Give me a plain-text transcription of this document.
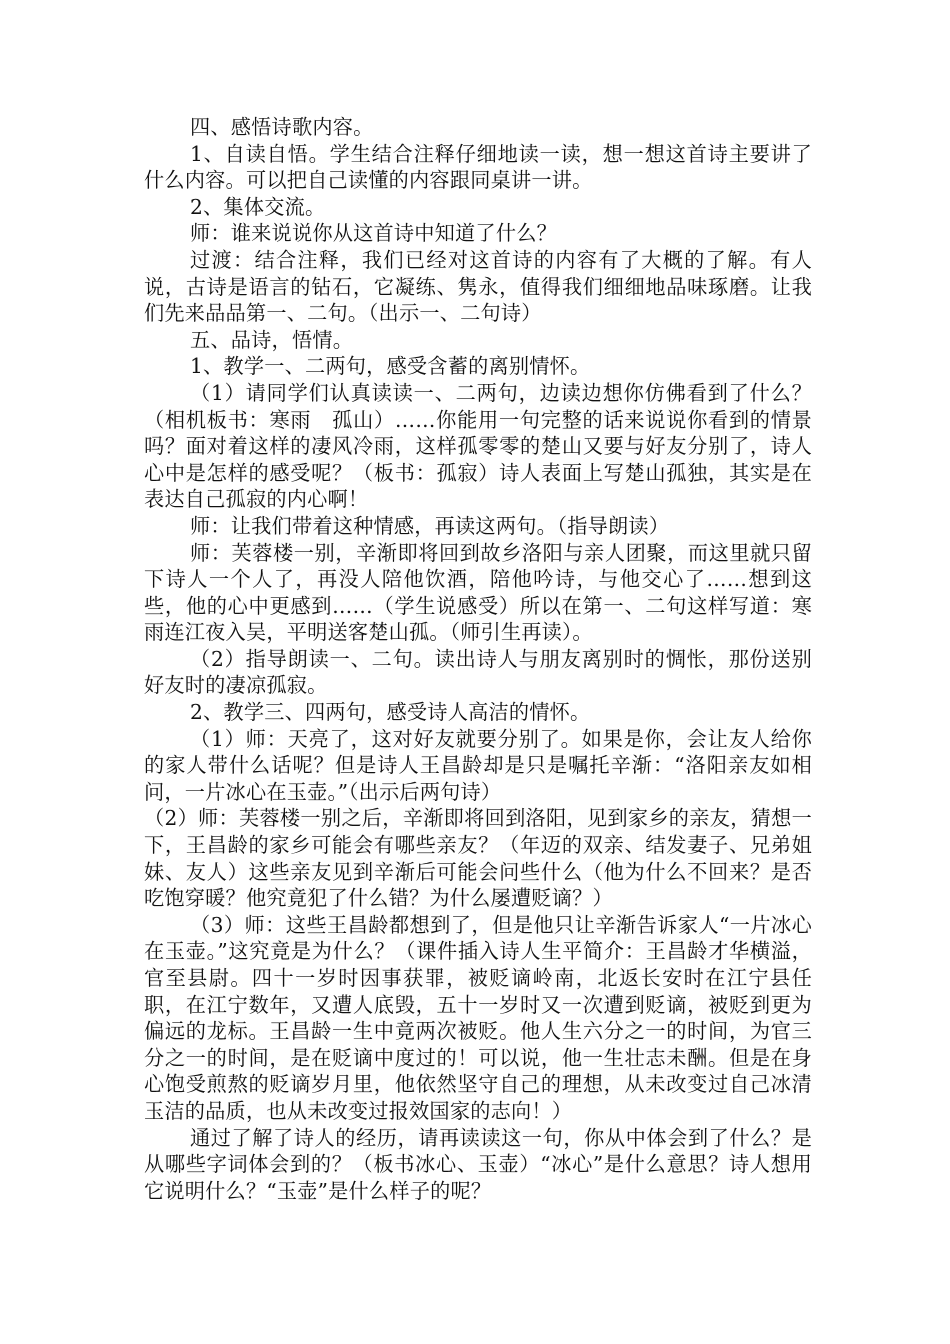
四、感悟诗歌内容。

1、自读自悟。学生结合注释仔细地读一读，想一想这首诗主要讲了什么内容。可以把自己读懂的内容跟同桌讲一讲。

2、集体交流。

师：谁来说说你从这首诗中知道了什么？

过渡：结合注释，我们已经对这首诗的内容有了大概的了解。有人说，古诗是语言的钻石，它凝练、隽永，值得我们细细地品味琢磨。让我们先来品品第一、二句。（出示一、二句诗）

五、品诗，悟情。

1、教学一、二两句，感受含蓄的离别情怀。

（1）请同学们认真读读一、二两句，边读边想你仿佛看到了什么？（相机板书：寒雨　孤山）……你能用一句完整的话来说说你看到的情景吗？面对着这样的凄风冷雨，这样孤零零的楚山又要与好友分别了，诗人心中是怎样的感受呢？（板书：孤寂）诗人表面上写楚山孤独，其实是在表达自己孤寂的内心啊！

师：让我们带着这种情感，再读这两句。（指导朗读）

师：芙蓉楼一别，辛渐即将回到故乡洛阳与亲人团聚，而这里就只留下诗人一个人了，再没人陪他饮酒，陪他吟诗，与他交心了……想到这些，他的心中更感到……（学生说感受）所以在第一、二句这样写道：寒雨连江夜入吴，平明送客楚山孤。（师引生再读）。

（2）指导朗读一、二句。读出诗人与朋友离别时的惆怅，那份送别好友时的凄凉孤寂。

2、教学三、四两句，感受诗人高洁的情怀。

（1）师：天亮了，这对好友就要分别了。如果是你，会让友人给你的家人带什么话呢？但是诗人王昌龄却是只是嘱托辛渐：“洛阳亲友如相问，一片冰心在玉壶。”（出示后两句诗）

（2）师：芙蓉楼一别之后，辛渐即将回到洛阳，见到家乡的亲友，猜想一下，王昌龄的家乡可能会有哪些亲友？（年迈的双亲、结发妻子、兄弟姐妹、友人）这些亲友见到辛渐后可能会问些什么（他为什么不回来？是否吃饱穿暖？他究竟犯了什么错？为什么屡遭贬谪？）

（3）师：这些王昌龄都想到了，但是他只让辛渐告诉家人“一片冰心在玉壶。”这究竟是为什么？（课件插入诗人生平简介：王昌龄才华横溢，官至县尉。四十一岁时因事获罪，被贬谪岭南，北返长安时在江宁县任职，在江宁数年，又遭人底毁，五十一岁时又一次遭到贬谪，被贬到更为偏远的龙标。王昌龄一生中竟两次被贬。他人生六分之一的时间，为官三分之一的时间，是在贬谪中度过的！可以说，他一生壮志未酬。但是在身心饱受煎熬的贬谪岁月里，他依然坚守自己的理想，从未改变过自己冰清玉洁的品质，也从未改变过报效国家的志向！）

通过了解了诗人的经历，请再读读这一句，你从中体会到了什么？是从哪些字词体会到的？（板书冰心、玉壶）“冰心”是什么意思？诗人想用它说明什么？“玉壶”是什么样子的呢？
